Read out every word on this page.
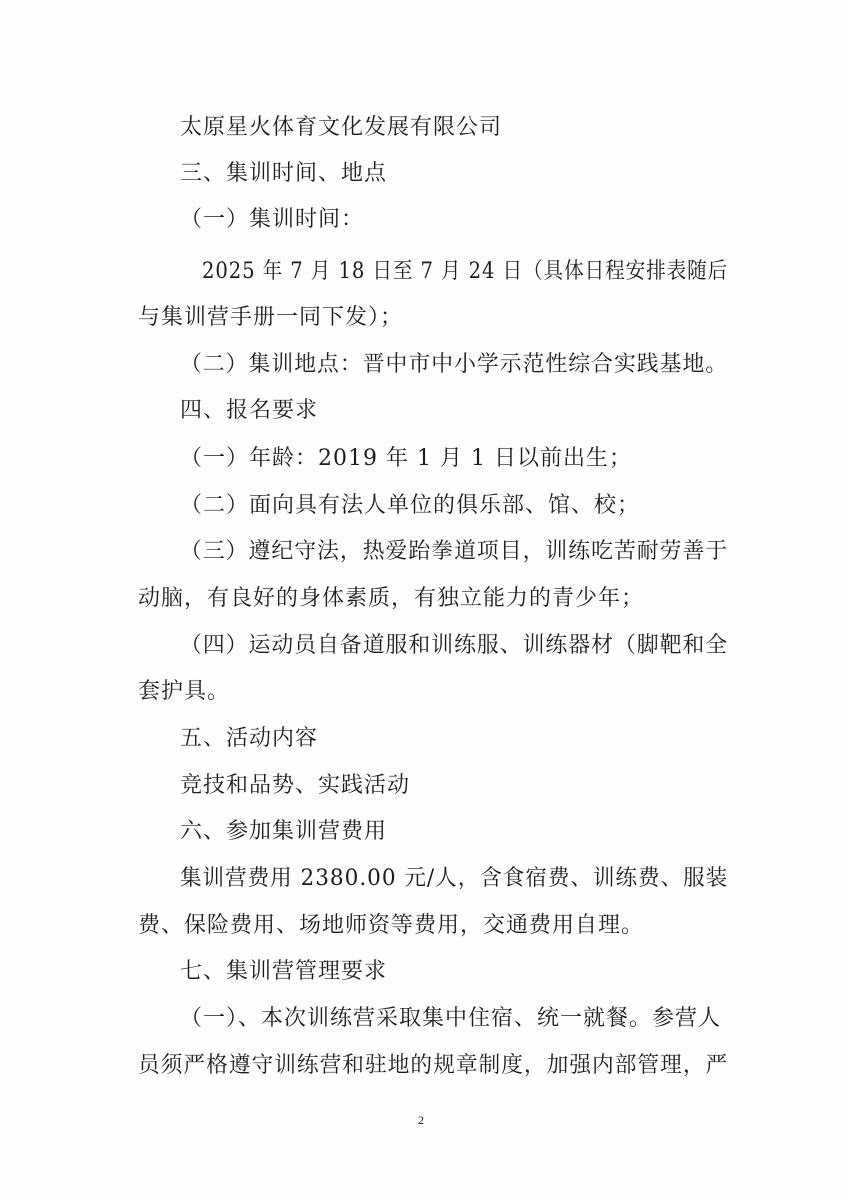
太原星火体育文化发展有限公司
三、集训时间、地点
（一）集训时间：
2025 年 7 月 18 日至 7 月 24 日（具体日程安排表随后
与集训营手册一同下发）；
（二）集训地点：晋中市中小学示范性综合实践基地。
四、报名要求
（一）年龄：2019 年 1 月 1 日以前出生；
（二）面向具有法人单位的俱乐部、馆、校；
（三）遵纪守法，热爱跆拳道项目，训练吃苦耐劳善于
动脑，有良好的身体素质，有独立能力的青少年；
（四）运动员自备道服和训练服、训练器材（脚靶和全
套护具。
五、活动内容
竞技和品势、实践活动
六、参加集训营费用
集训营费用 2380.00 元/人，含食宿费、训练费、服装
费、保险费用、场地师资等费用，交通费用自理。
七、集训营管理要求
（一）、本次训练营采取集中住宿、统一就餐。参营人
员须严格遵守训练营和驻地的规章制度，加强内部管理，严
2
